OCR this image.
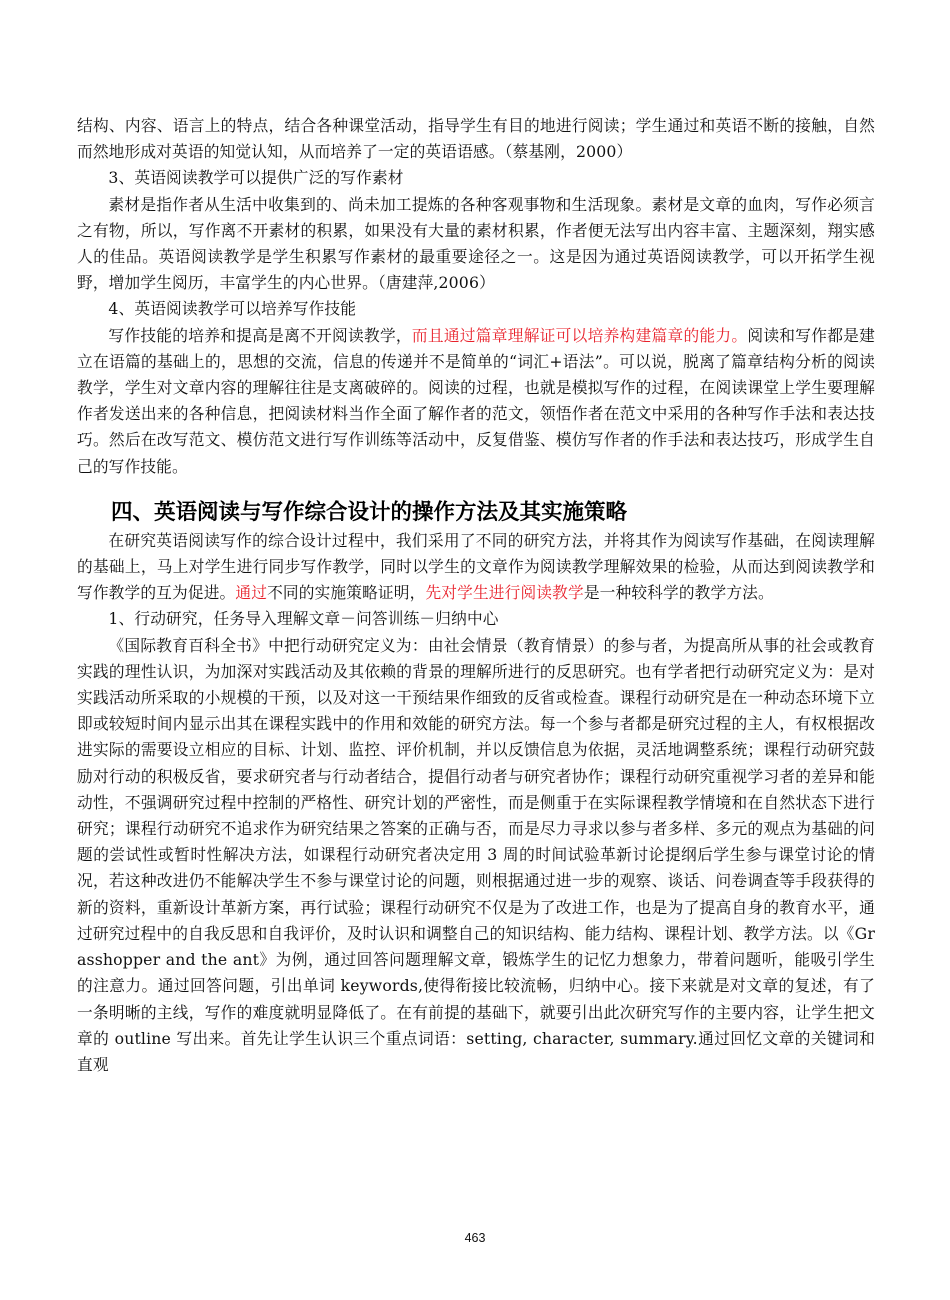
结构、内容、语言上的特点，结合各种课堂活动，指导学生有目的地进行阅读；学生通过和英语不断的接触，自然而然地形成对英语的知觉认知，从而培养了一定的英语语感。（蔡基刚，2000）

3、英语阅读教学可以提供广泛的写作素材

素材是指作者从生活中收集到的、尚未加工提炼的各种客观事物和生活现象。素材是文章的血肉，写作必须言之有物，所以，写作离不开素材的积累，如果没有大量的素材积累，作者便无法写出内容丰富、主题深刻，翔实感人的佳品。英语阅读教学是学生积累写作素材的最重要途径之一。这是因为通过英语阅读教学，可以开拓学生视野，增加学生阅历，丰富学生的内心世界。（唐建萍,2006）

4、英语阅读教学可以培养写作技能

写作技能的培养和提高是离不开阅读教学，而且通过篇章理解证可以培养构建篇章的能力。阅读和写作都是建立在语篇的基础上的，思想的交流，信息的传递并不是简单的“词汇+语法”。可以说，脱离了篇章结构分析的阅读教学，学生对文章内容的理解往往是支离破碎的。阅读的过程，也就是模拟写作的过程，在阅读课堂上学生要理解作者发送出来的各种信息，把阅读材料当作全面了解作者的范文，领悟作者在范文中采用的各种写作手法和表达技巧。然后在改写范文、模仿范文进行写作训练等活动中，反复借鉴、模仿写作者的作手法和表达技巧，形成学生自己的写作技能。

四、英语阅读与写作综合设计的操作方法及其实施策略

在研究英语阅读写作的综合设计过程中，我们采用了不同的研究方法，并将其作为阅读写作基础，在阅读理解的基础上，马上对学生进行同步写作教学，同时以学生的文章作为阅读教学理解效果的检验，从而达到阅读教学和写作教学的互为促进。通过不同的实施策略证明，先对学生进行阅读教学是一种较科学的教学方法。

1、行动研究，任务导入理解文章－问答训练－归纳中心

《国际教育百科全书》中把行动研究定义为：由社会情景（教育情景）的参与者，为提高所从事的社会或教育实践的理性认识，为加深对实践活动及其依赖的背景的理解所进行的反思研究。也有学者把行动研究定义为：是对实践活动所采取的小规模的干预，以及对这一干预结果作细致的反省或检查。课程行动研究是在一种动态环境下立即或较短时间内显示出其在课程实践中的作用和效能的研究方法。每一个参与者都是研究过程的主人，有权根据改进实际的需要设立相应的目标、计划、监控、评价机制，并以反馈信息为依据，灵活地调整系统；课程行动研究鼓励对行动的积极反省，要求研究者与行动者结合，提倡行动者与研究者协作；课程行动研究重视学习者的差异和能动性，不强调研究过程中控制的严格性、研究计划的严密性，而是侧重于在实际课程教学情境和在自然状态下进行研究；课程行动研究不追求作为研究结果之答案的正确与否，而是尽力寻求以参与者多样、多元的观点为基础的问题的尝试性或暂时性解决方法，如课程行动研究者决定用 3 周的时间试验革新讨论提纲后学生参与课堂讨论的情况，若这种改进仍不能解决学生不参与课堂讨论的问题，则根据通过进一步的观察、谈话、问卷调查等手段获得的新的资料，重新设计革新方案，再行试验；课程行动研究不仅是为了改进工作，也是为了提高自身的教育水平，通过研究过程中的自我反思和自我评价，及时认识和调整自己的知识结构、能力结构、课程计划、教学方法。以《Grasshopper and the ant》为例，通过回答问题理解文章，锻炼学生的记忆力想象力，带着问题听，能吸引学生的注意力。通过回答问题，引出单词 keywords,使得衔接比较流畅，归纳中心。接下来就是对文章的复述，有了一条明晰的主线，写作的难度就明显降低了。在有前提的基础下，就要引出此次研究写作的主要内容，让学生把文章的 outline 写出来。首先让学生认识三个重点词语：setting, character, summary.通过回忆文章的关键词和直观

463
